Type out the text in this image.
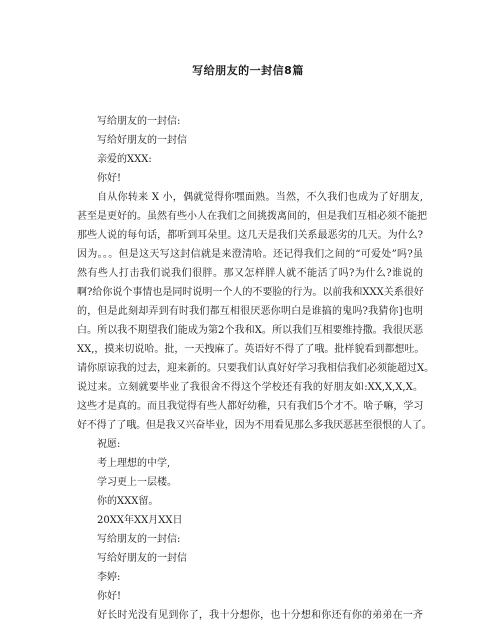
写给朋友的一封信8篇
写给朋友的一封信:
写给好朋友的一封信
亲爱的XXX:
你好!
自从你转来 X 小，偶就觉得你嘿面熟。当然，不久我们也成为了好朋友,
甚至是更好的。虽然有些小人在我们之间挑拨离间的，但是我们互相必须不能把
那些人说的每句话，都听到耳朵里。这几天是我们关系最恶劣的几天。为什么?
因为。。。但是这天写这封信就是来澄清哈。还记得我们之间的“可爱处”吗?虽
然有些人打击我们说我们很胖。那又怎样胖人就不能活了吗?为什么?谁说的
啊?给你说个事情也是同时说明一个人的不要脸的行为。以前我和XXX关系很好
的，但是此刻却弄到有时我们都互相很厌恶你明白是谁搞的鬼吗?我猜你]也明
白。所以我不期望我们能成为第2个我和X。所以我们互相要维持撒。我很厌恶
XX,，摸来切说哈。批，一天拽麻了。英语好不得了了哦。批样貌看到都想吐。
请你原谅我的过去，迎来新的。只要我们认真好好学习我相信我们必须能超过X。
说过来。立刻就要毕业了我很舍不得这个学校还有我的好朋友如:XX,X,X,X。
这些才是真的。而且我觉得有些人都好幼稚，只有我们5个才不。啥子嘛，学习
好不得了了哦。但是我又兴奋毕业，因为不用看见那么多我厌恶甚至很恨的人了。
祝愿:
考上理想的中学,
学习更上一层楼。
你的XXX留。
20XX年XX月XX日
写给朋友的一封信:
写给好朋友的一封信
李婷:
你好!
好长时光没有见到你了，我十分想你，也十分想和你还有你的弟弟在一齐
